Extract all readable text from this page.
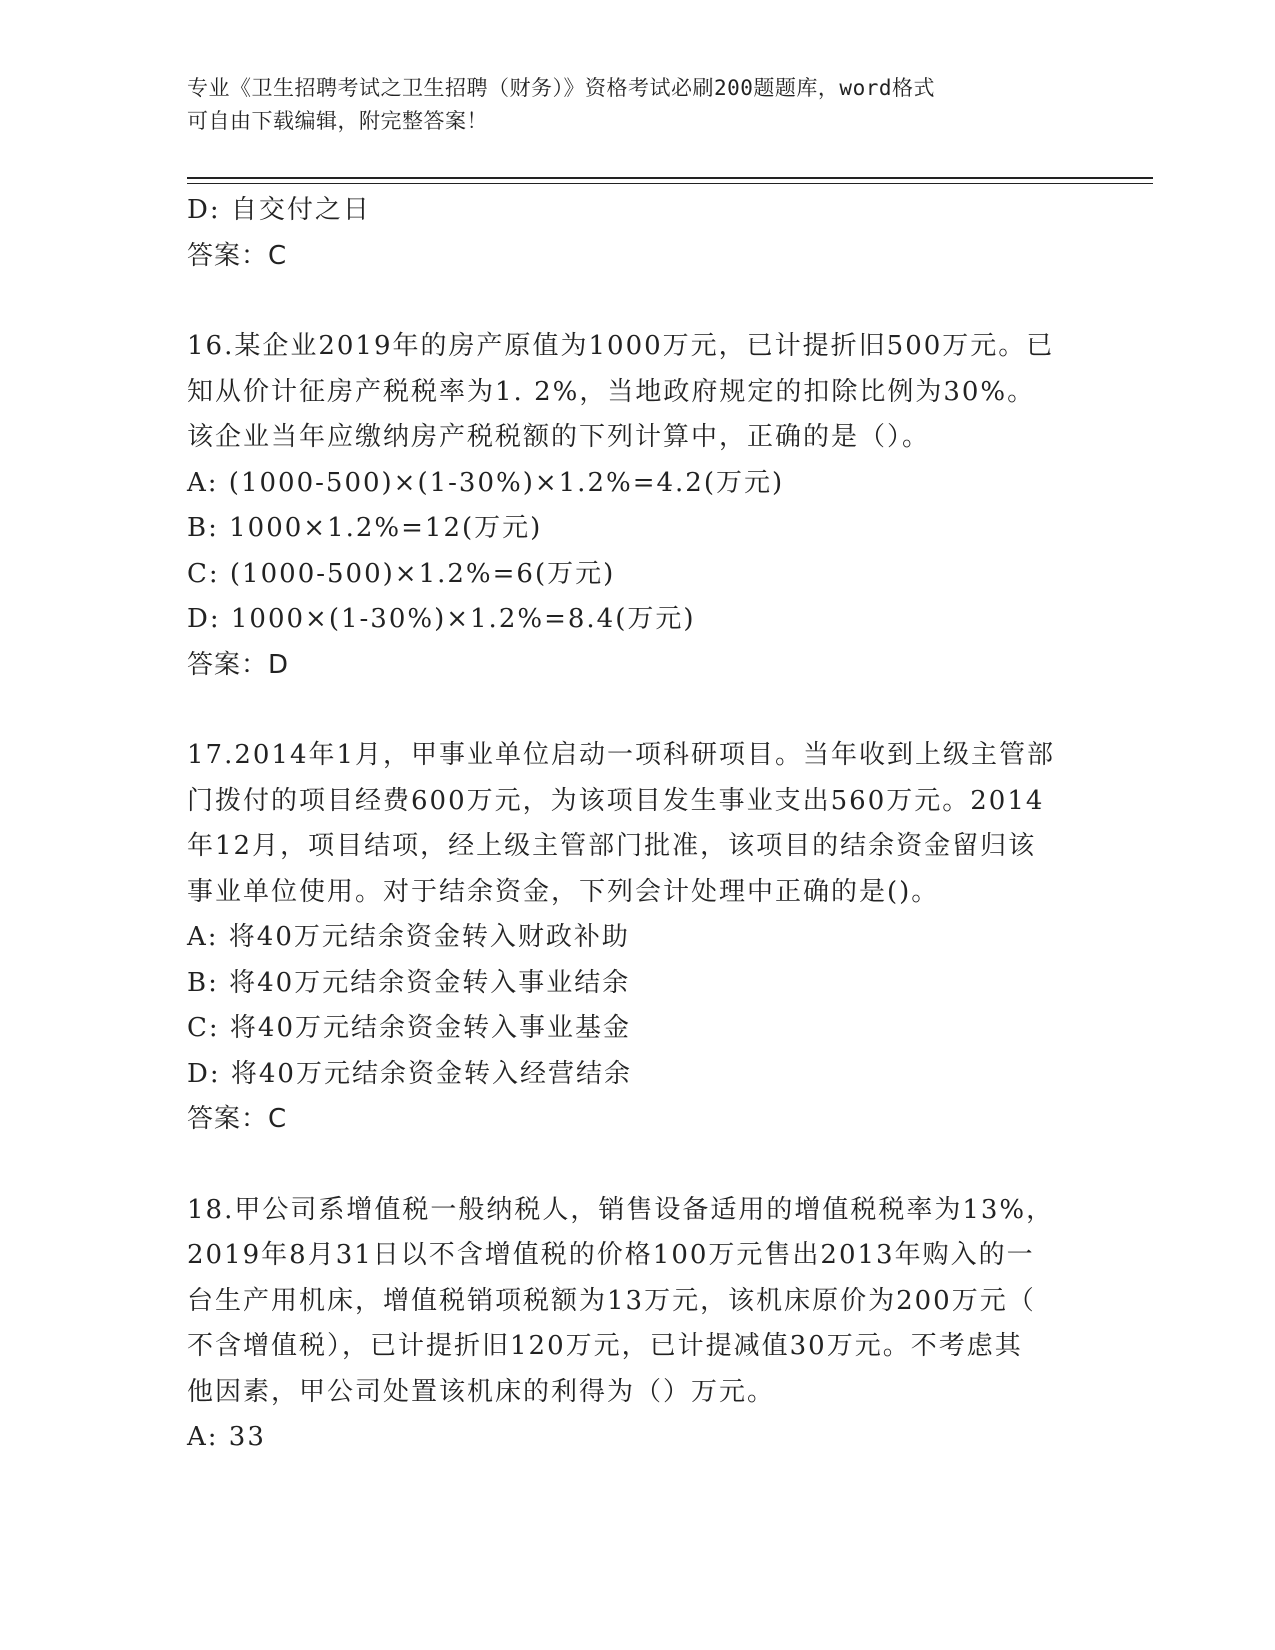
专业《卫生招聘考试之卫生招聘（财务）》资格考试必刷200题题库，word格式
可自由下载编辑，附完整答案！
D: 自交付之日
答案：C
16.某企业2019年的房产原值为1000万元，已计提折旧500万元。已
知从价计征房产税税率为1. 2%，当地政府规定的扣除比例为30%。
该企业当年应缴纳房产税税额的下列计算中，正确的是（）。
A: (1000-500)×(1-30%)×1.2%=4.2(万元)
B: 1000×1.2%=12(万元)
C: (1000-500)×1.2%=6(万元)
D: 1000×(1-30%)×1.2%=8.4(万元)
答案：D
17.2014年1月，甲事业单位启动一项科研项目。当年收到上级主管部
门拨付的项目经费600万元，为该项目发生事业支出560万元。2014
年12月，项目结项，经上级主管部门批准，该项目的结余资金留归该
事业单位使用。对于结余资金，下列会计处理中正确的是()。
A: 将40万元结余资金转入财政补助
B: 将40万元结余资金转入事业结余
C: 将40万元结余资金转入事业基金
D: 将40万元结余资金转入经营结余
答案：C
18.甲公司系增值税一般纳税人，销售设备适用的增值税税率为13%，
2019年8月31日以不含增值税的价格100万元售出2013年购入的一
台生产用机床，增值税销项税额为13万元，该机床原价为200万元（
不含增值税），已计提折旧120万元，已计提减值30万元。不考虑其
他因素，甲公司处置该机床的利得为（）万元。
A: 33
